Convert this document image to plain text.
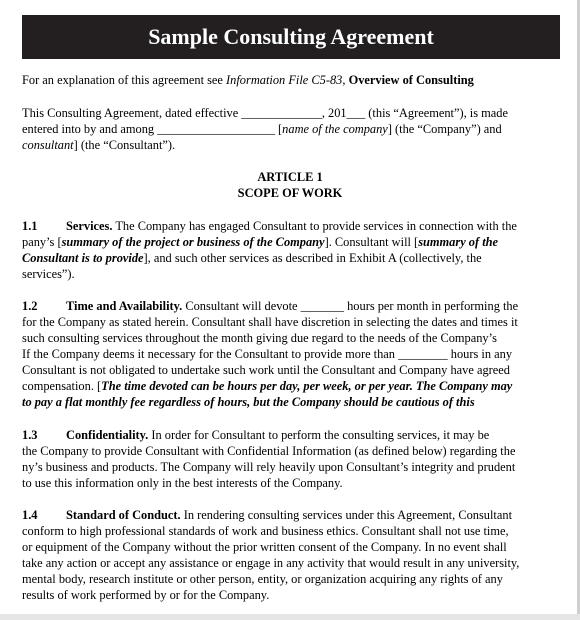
Sample Consulting Agreement
For an explanation of this agreement see Information File C5-83, Overview of Consulting
This Consulting Agreement, dated effective _____________, 201___ (this “Agreement”), is made
entered into by and among ___________________ [name of the company] (the “Company”) and
consultant] (the “Consultant”).
ARTICLE 1
SCOPE OF WORK
1.1 Services. The Company has engaged Consultant to provide services in connection with the
pany’s [summary of the project or business of the Company]. Consultant will [summary of the
Consultant is to provide], and such other services as described in Exhibit A (collectively, the
services”).
1.2 Time and Availability. Consultant will devote _______ hours per month in performing the
for the Company as stated herein. Consultant shall have discretion in selecting the dates and times it
such consulting services throughout the month giving due regard to the needs of the Company’s
If the Company deems it necessary for the Consultant to provide more than ________ hours in any
Consultant is not obligated to undertake such work until the Consultant and Company have agreed
compensation. [The time devoted can be hours per day, per week, or per year. The Company may
to pay a flat monthly fee regardless of hours, but the Company should be cautious of this
1.3 Confidentiality. In order for Consultant to perform the consulting services, it may be
the Company to provide Consultant with Confidential Information (as defined below) regarding the
ny’s business and products. The Company will rely heavily upon Consultant’s integrity and prudent
to use this information only in the best interests of the Company.
1.4 Standard of Conduct. In rendering consulting services under this Agreement, Consultant
conform to high professional standards of work and business ethics. Consultant shall not use time,
or equipment of the Company without the prior written consent of the Company. In no event shall
take any action or accept any assistance or engage in any activity that would result in any university,
mental body, research institute or other person, entity, or organization acquiring any rights of any
results of work performed by or for the Company.
